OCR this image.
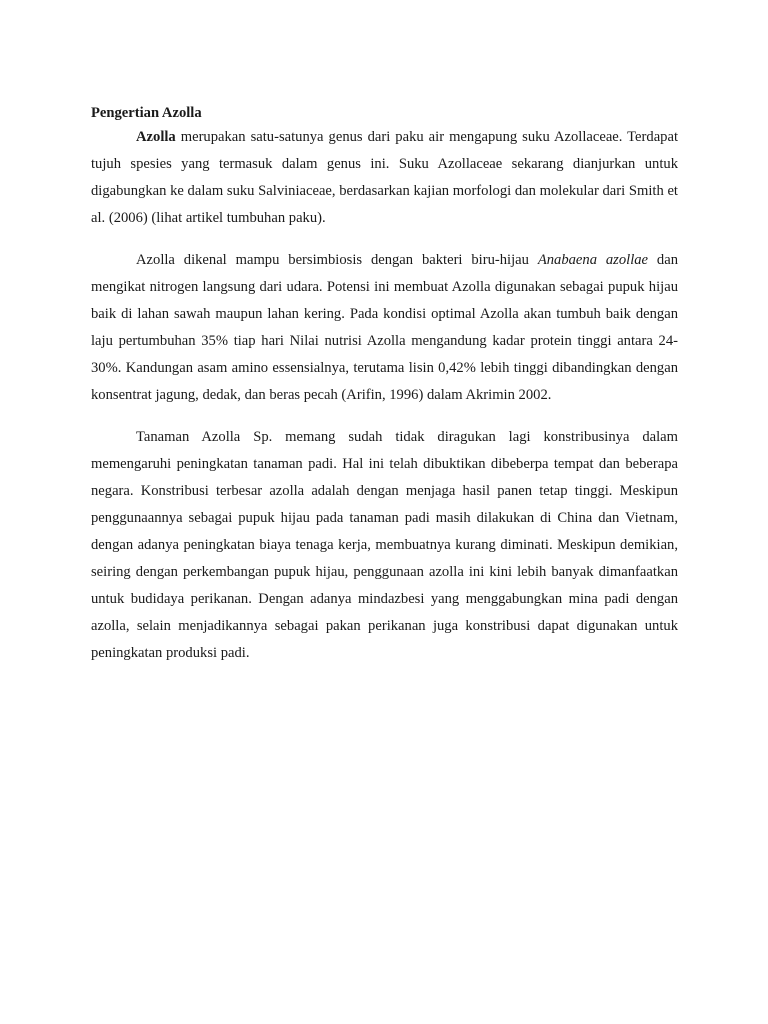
Pengertian Azolla

Azolla merupakan satu-satunya genus dari paku air mengapung suku Azollaceae. Terdapat tujuh spesies yang termasuk dalam genus ini. Suku Azollaceae sekarang dianjurkan untuk digabungkan ke dalam suku Salviniaceae, berdasarkan kajian morfologi dan molekular dari Smith et al. (2006) (lihat artikel tumbuhan paku).

Azolla dikenal mampu bersimbiosis dengan bakteri biru-hijau Anabaena azollae dan mengikat nitrogen langsung dari udara. Potensi ini membuat Azolla digunakan sebagai pupuk hijau baik di lahan sawah maupun lahan kering. Pada kondisi optimal Azolla akan tumbuh baik dengan laju pertumbuhan 35% tiap hari Nilai nutrisi Azolla mengandung kadar protein tinggi antara 24-30%. Kandungan asam amino essensialnya, terutama lisin 0,42% lebih tinggi dibandingkan dengan konsentrat jagung, dedak, dan beras pecah (Arifin, 1996) dalam Akrimin 2002.

Tanaman Azolla Sp. memang sudah tidak diragukan lagi konstribusinya dalam memengaruhi peningkatan tanaman padi. Hal ini telah dibuktikan dibeberpa tempat dan beberapa negara. Konstribusi terbesar azolla adalah dengan menjaga hasil panen tetap tinggi. Meskipun penggunaannya sebagai pupuk hijau pada tanaman padi masih dilakukan di China dan Vietnam, dengan adanya peningkatan biaya tenaga kerja, membuatnya kurang diminati. Meskipun demikian, seiring dengan perkembangan pupuk hijau, penggunaan azolla ini kini lebih banyak dimanfaatkan untuk budidaya perikanan. Dengan adanya mindazbesi yang menggabungkan mina padi dengan azolla, selain menjadikannya sebagai pakan perikanan juga konstribusi dapat digunakan untuk peningkatan produksi padi.
